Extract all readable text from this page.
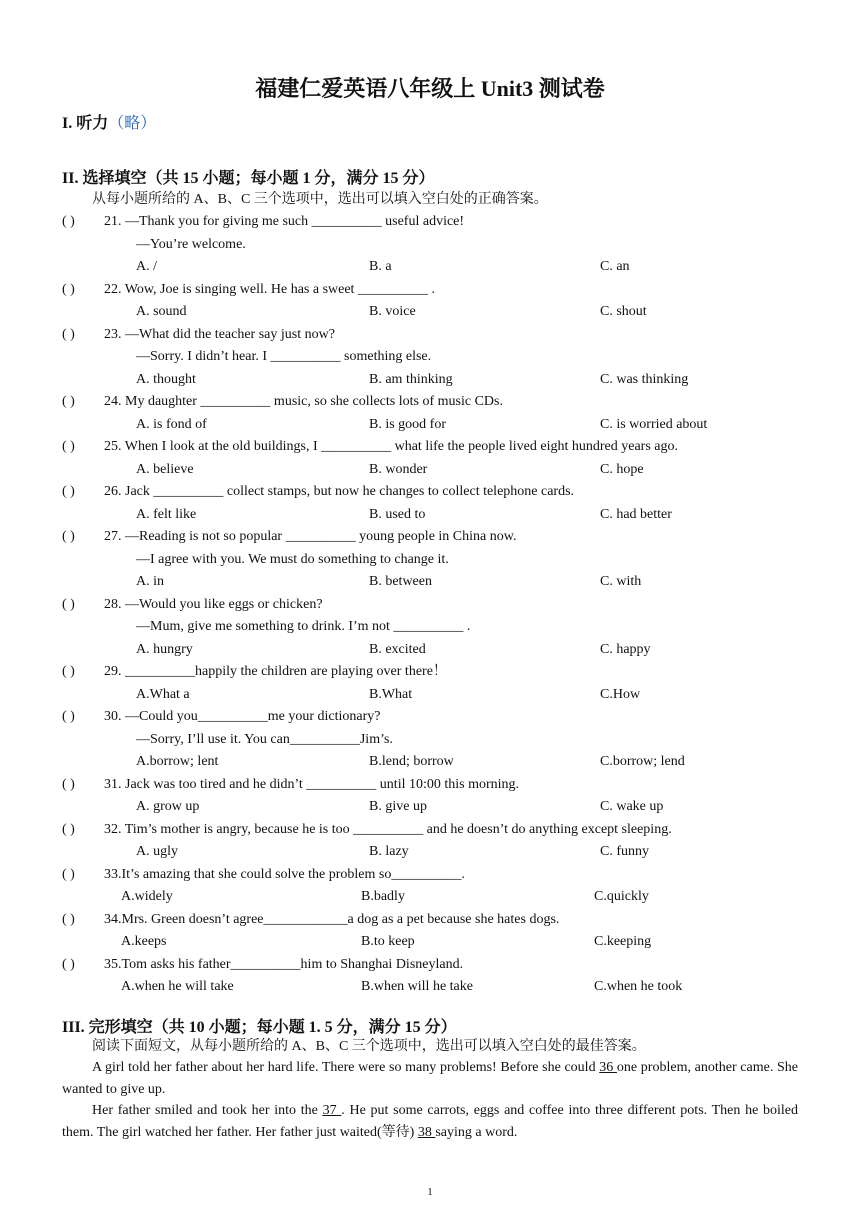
福建仁爱英语八年级上 Unit3 测试卷
I. 听力（略）
II. 选择填空（共 15 小题；每小题 1 分，满分 15 分）
从每小题所给的 A、B、C 三个选项中，选出可以填入空白处的正确答案。
( ) 21. —Thank you for giving me such __________ useful advice!
—You’re welcome.
A. /	B. a	C. an
( ) 22. Wow, Joe is singing well. He has a sweet __________ .
A. sound	B. voice	C. shout
( ) 23. —What did the teacher say just now?
—Sorry. I didn’t hear. I __________ something else.
A. thought	B. am thinking	C. was thinking
( ) 24. My daughter __________ music, so she collects lots of music CDs.
A. is fond of	B. is good for	C. is worried about
( ) 25. When I look at the old buildings, I __________ what life the people lived eight hundred years ago.
A. believe	B. wonder	C. hope
( ) 26. Jack __________ collect stamps, but now he changes to collect telephone cards.
A. felt like	B. used to	C. had better
( ) 27. —Reading is not so popular __________ young people in China now.
—I agree with you. We must do something to change it.
A. in	B. between	C. with
( ) 28. —Would you like eggs or chicken?
—Mum, give me something to drink. I’m not __________ .
A. hungry	B. excited	C. happy
( ) 29. __________happily the children are playing over there！
A.What a	B.What	C.How
( ) 30. —Could you__________me your dictionary?
—Sorry, I’ll use it. You can__________Jim’s.
A.borrow; lent	B.lend; borrow	C.borrow; lend
( ) 31. Jack was too tired and he didn’t __________ until 10:00 this morning.
A. grow up	B. give up	C. wake up
( ) 32. Tim’s mother is angry, because he is too __________ and he doesn’t do anything except sleeping.
A. ugly	B. lazy	C. funny
( ) 33.It’s amazing that she could solve the problem so__________.
A.widely	B.badly	C.quickly
( ) 34.Mrs. Green doesn’t agree____________a dog as a pet because she hates dogs.
A.keeps	B.to keep	C.keeping
( ) 35.Tom asks his father__________him to Shanghai Disneyland.
A.when he will take	B.when will he take	C.when he took
III. 完形填空（共 10 小题；每小题 1. 5 分，满分 15 分）
阅读下面短文，从每小题所给的 A、B、C 三个选项中，选出可以填入空白处的最佳答案。
A girl told her father about her hard life. There were so many problems! Before she could 36 one problem, another came. She wanted to give up.
Her father smiled and took her into the 37 . He put some carrots, eggs and coffee into three different pots. Then he boiled them. The girl watched her father. Her father just waited(等待) 38 saying a word.
1
